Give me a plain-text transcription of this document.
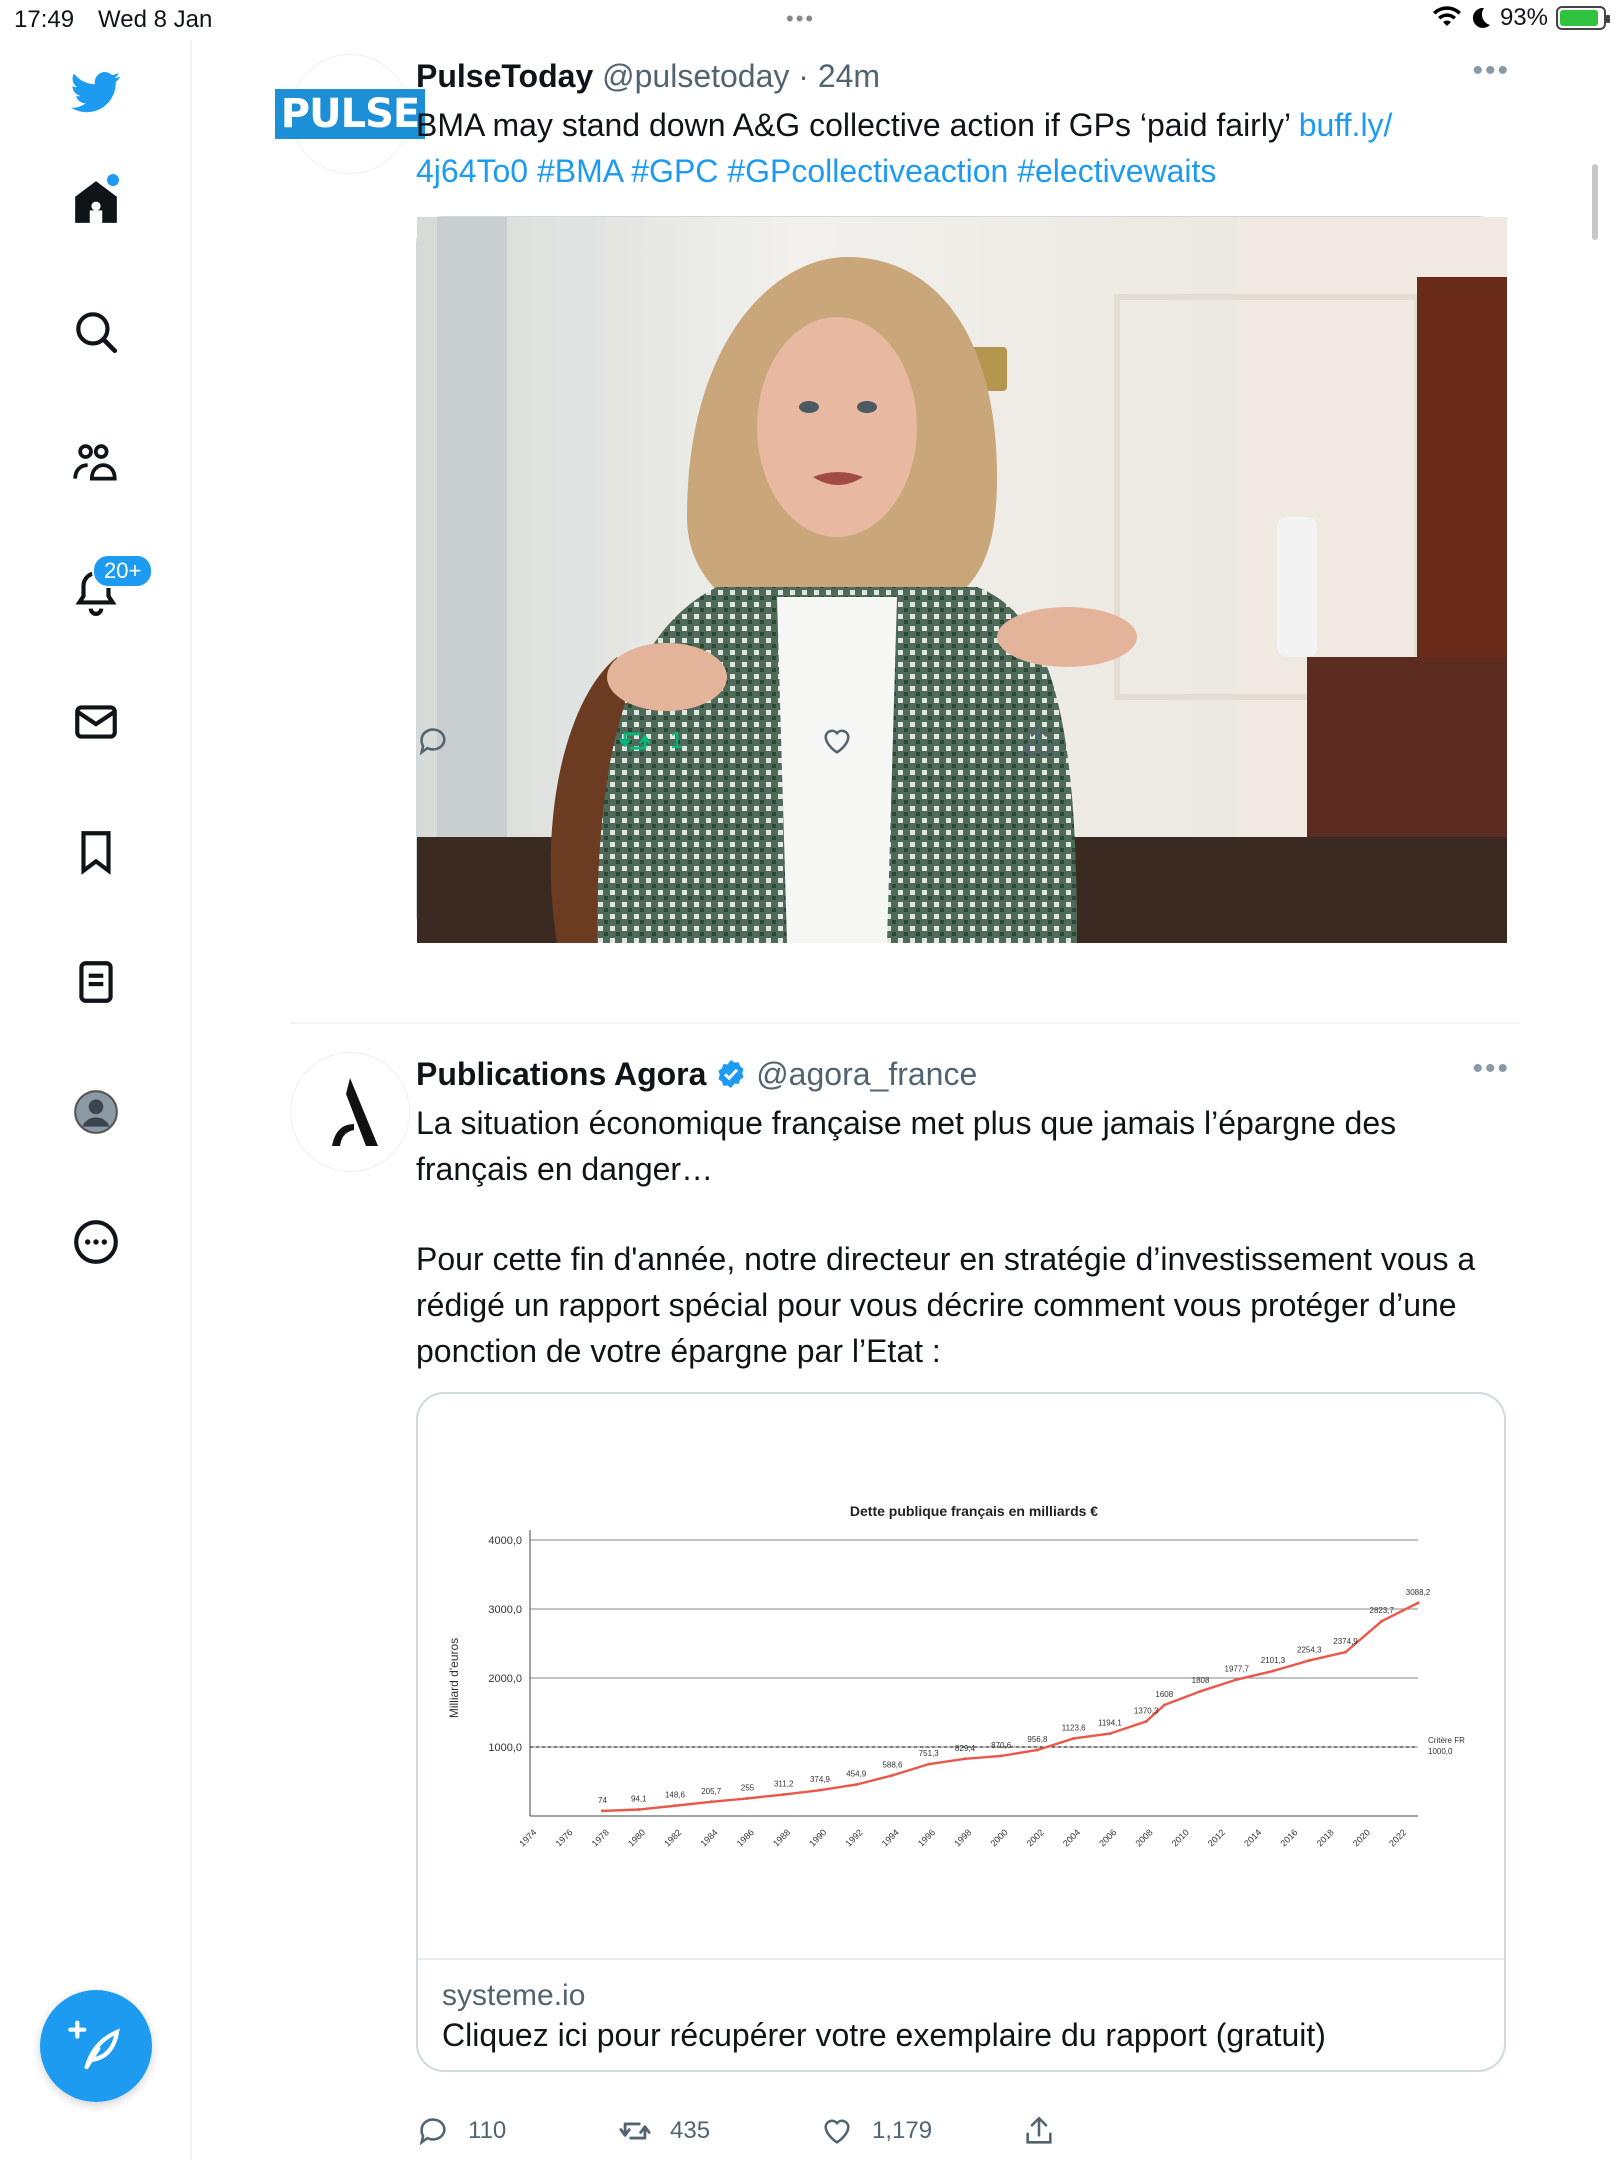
17:49 Wed 8 Jan	•••	93%
20+
PULSE
PulseToday @pulsetoday · 24m	•••
BMA may stand down A&G collective action if GPs ‘paid fairly’ buff.ly/
4j64To0 #BMA #GPC #GPcollectiveaction #electivewaits
1
Publications Agora @agora_france	•••
La situation économique française met plus que jamais l’épargne des français en danger…
Pour cette fin d'année, notre directeur en stratégie d’investissement vous a rédigé un rapport spécial pour vous décrire comment vous protéger d’une ponction de votre épargne par l’Etat :
Dette publique français en milliards €
1000,0
2000,0
3000,0
4000,0
Critère FR
1000,0
Milliard d'euros
1974 1976 1978 1980 1982 1984 1986 1988 1990 1992 1994 1996 1998 2000 2002 2004 2006 2008 2010 2012 2014 2016 2018 2020 2022
74	94,1 148,6 205,7 255 311,2 374,9
454,9
588,6
751,3
829,4 870,6
956,8
1123,6
1194,1
1370,3
1608
1808
1977,7
2101,3
2254,3
2374,9
2823,7
3088,2
systeme.io
Cliquez ici pour récupérer votre exemplaire du rapport (gratuit)
110	435	1,179
